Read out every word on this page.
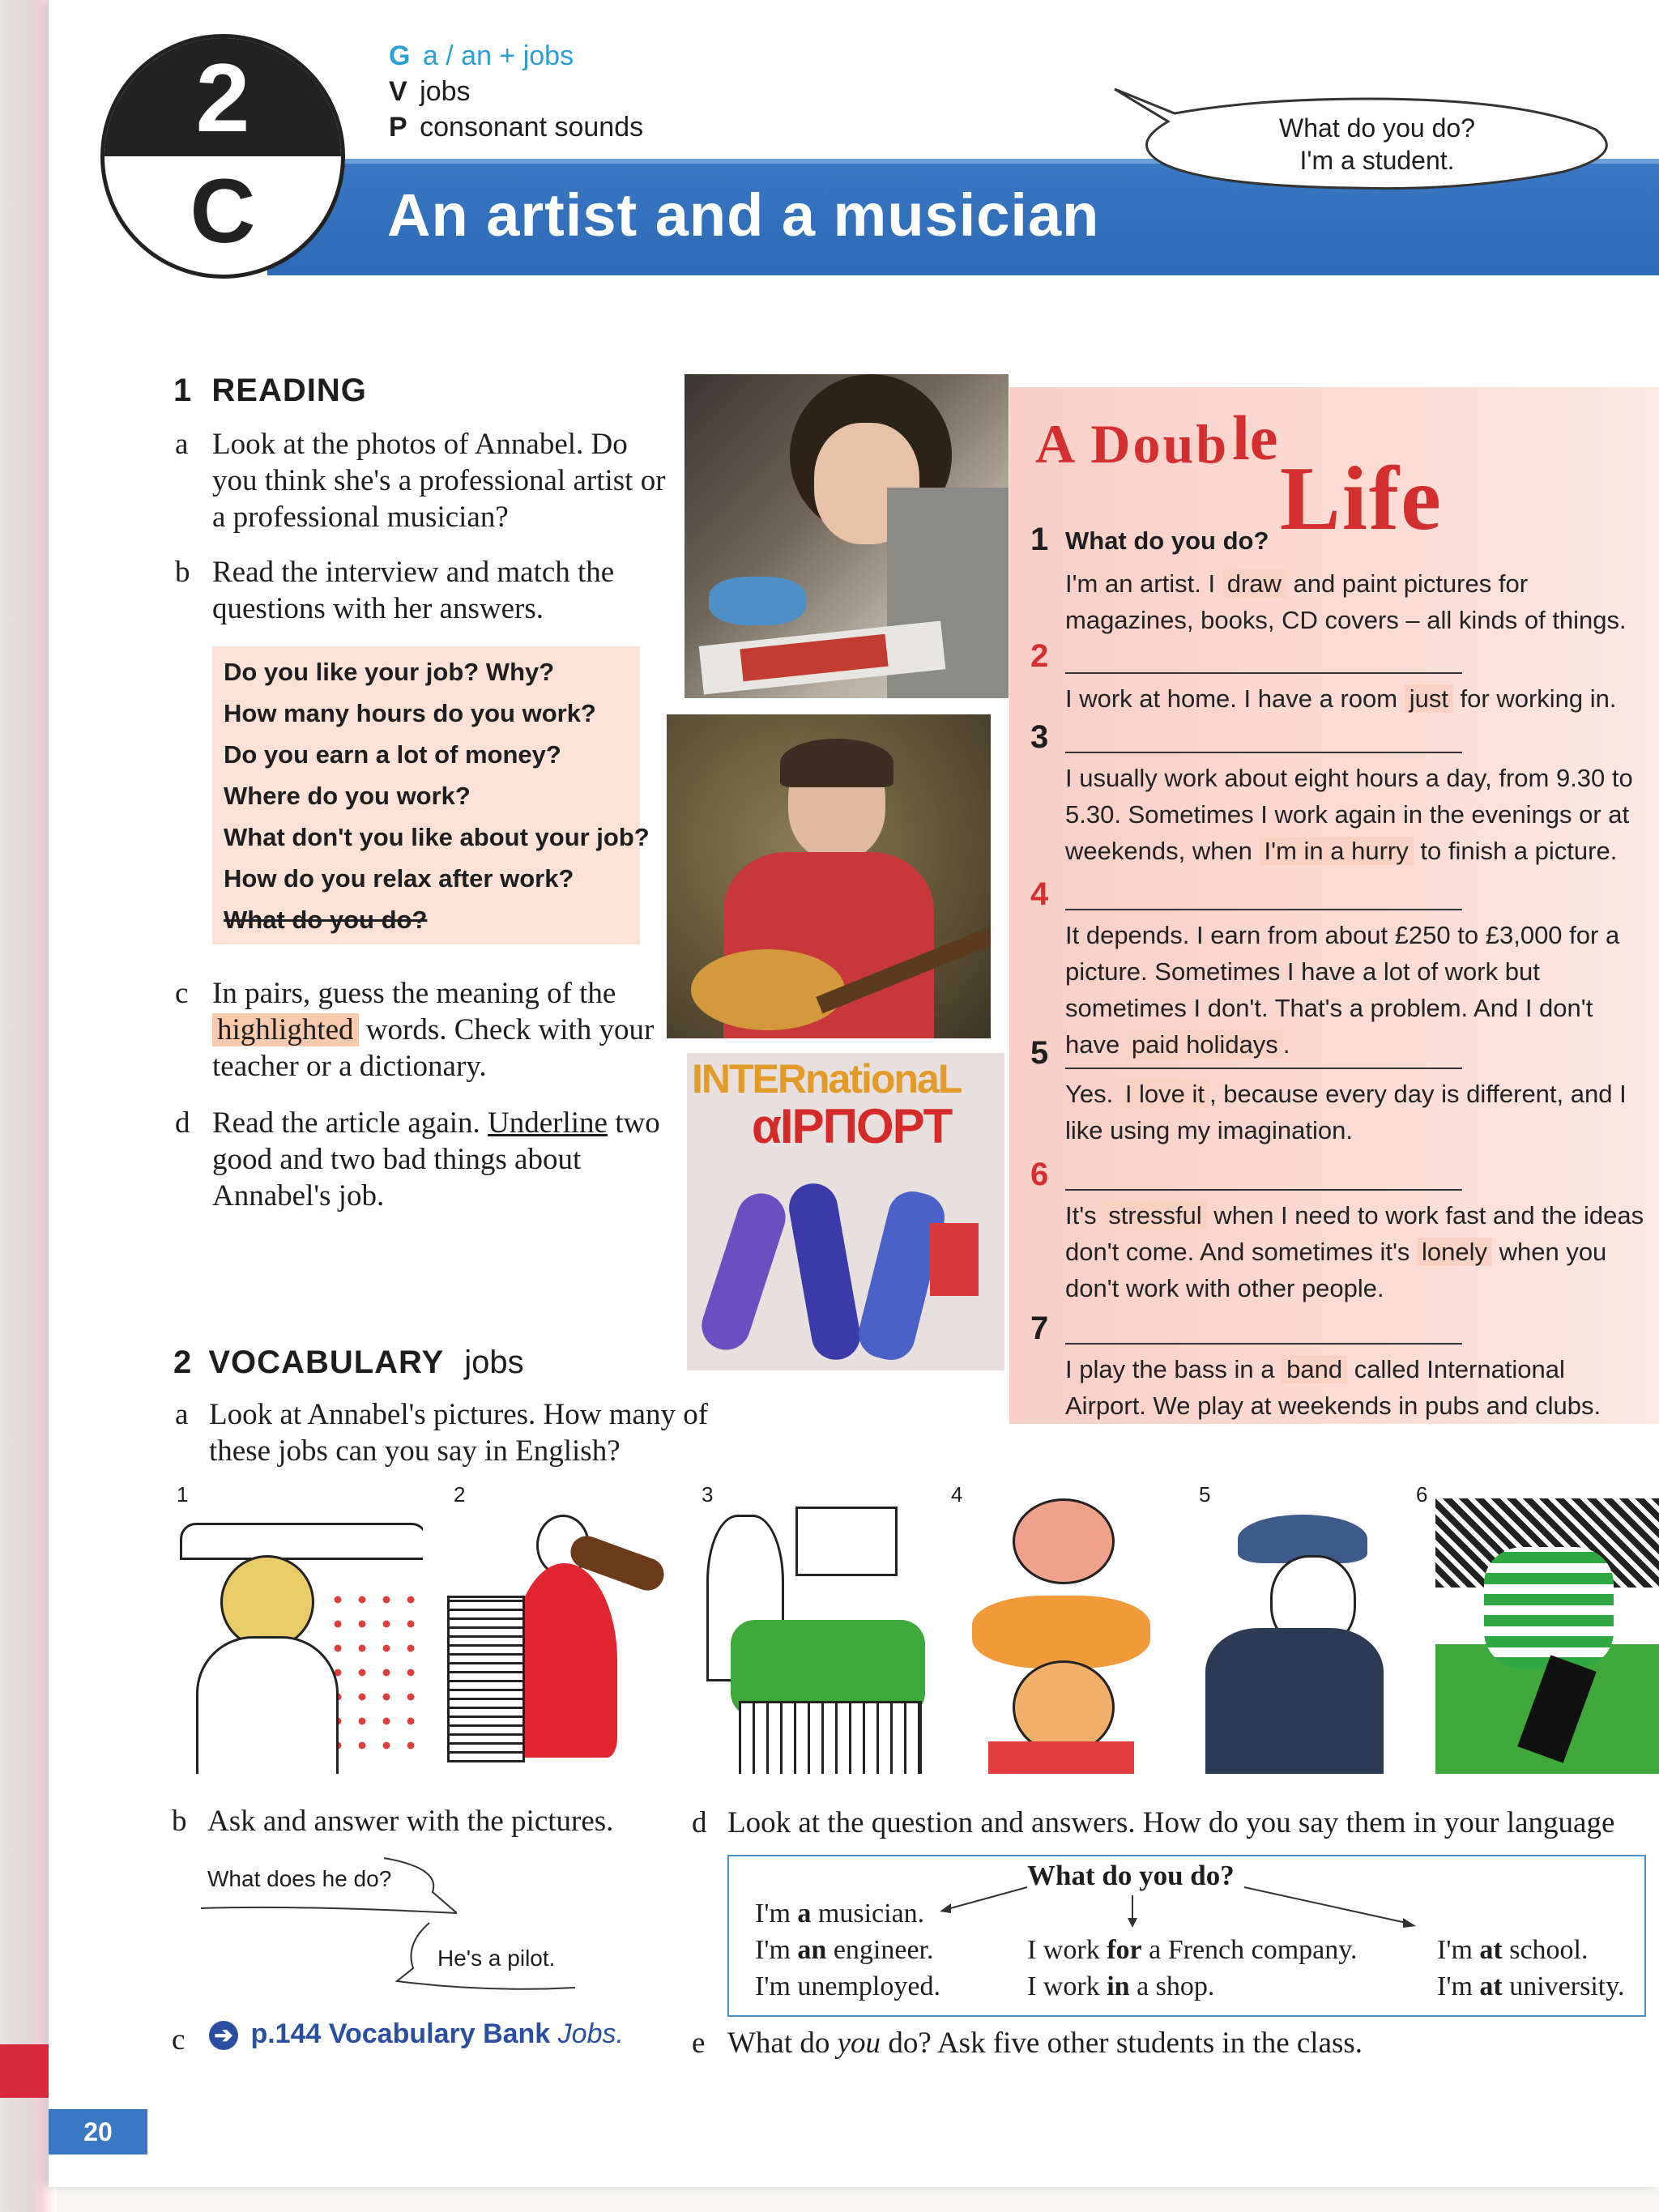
2
C
G a / an + jobs
V jobs
P consonant sounds
An artist and a musician
What do you do?
I'm a student.
1 READING
a Look at the photos of Annabel. Do you think she's a professional artist or a professional musician?
b Read the interview and match the questions with her answers.
Do you like your job? Why?
How many hours do you work?
Do you earn a lot of money?
Where do you work?
What don't you like about your job?
How do you relax after work?
What do you do?
c In pairs, guess the meaning of the highlighted words. Check with your teacher or a dictionary.
d Read the article again. Underline two good and two bad things about Annabel's job.
INTERnationaL
αIΡΠΟΡΤ
A Doub le
Life
1 What do you do?

I'm an artist. I draw and paint pictures for magazines, books, CD covers – all kinds of things.

2

I work at home. I have a room just for working in.

3

I usually work about eight hours a day, from 9.30 to 5.30. Sometimes I work again in the evenings or at weekends, when I'm in a hurry to finish a picture.

4

It depends. I earn from about £250 to £3,000 for a picture. Sometimes I have a lot of work but sometimes I don't. That's a problem. And I don't have paid holidays .

5

Yes. I love it , because every day is different, and I like using my imagination.

6

It's stressful when I need to work fast and the ideas don't come. And sometimes it's lonely when you don't work with other people.

7

I play the bass in a band called International Airport. We play at weekends in pubs and clubs.

2 VOCABULARY jobs
a Look at Annabel's pictures. How many of these jobs can you say in English?
1	2	3	4	5	6
b Ask and answer with the pictures.
What does he do?
He's a pilot.
c ➔ p.144 Vocabulary Bank Jobs.
d Look at the question and answers. How do you say them in your language
What do you do?
I'm a musician.
I'm an engineer.
I'm unemployed.
I work for a French company.
I work in a shop.
I'm at school.
I'm at university.
e What do you do? Ask five other students in the class.
20
